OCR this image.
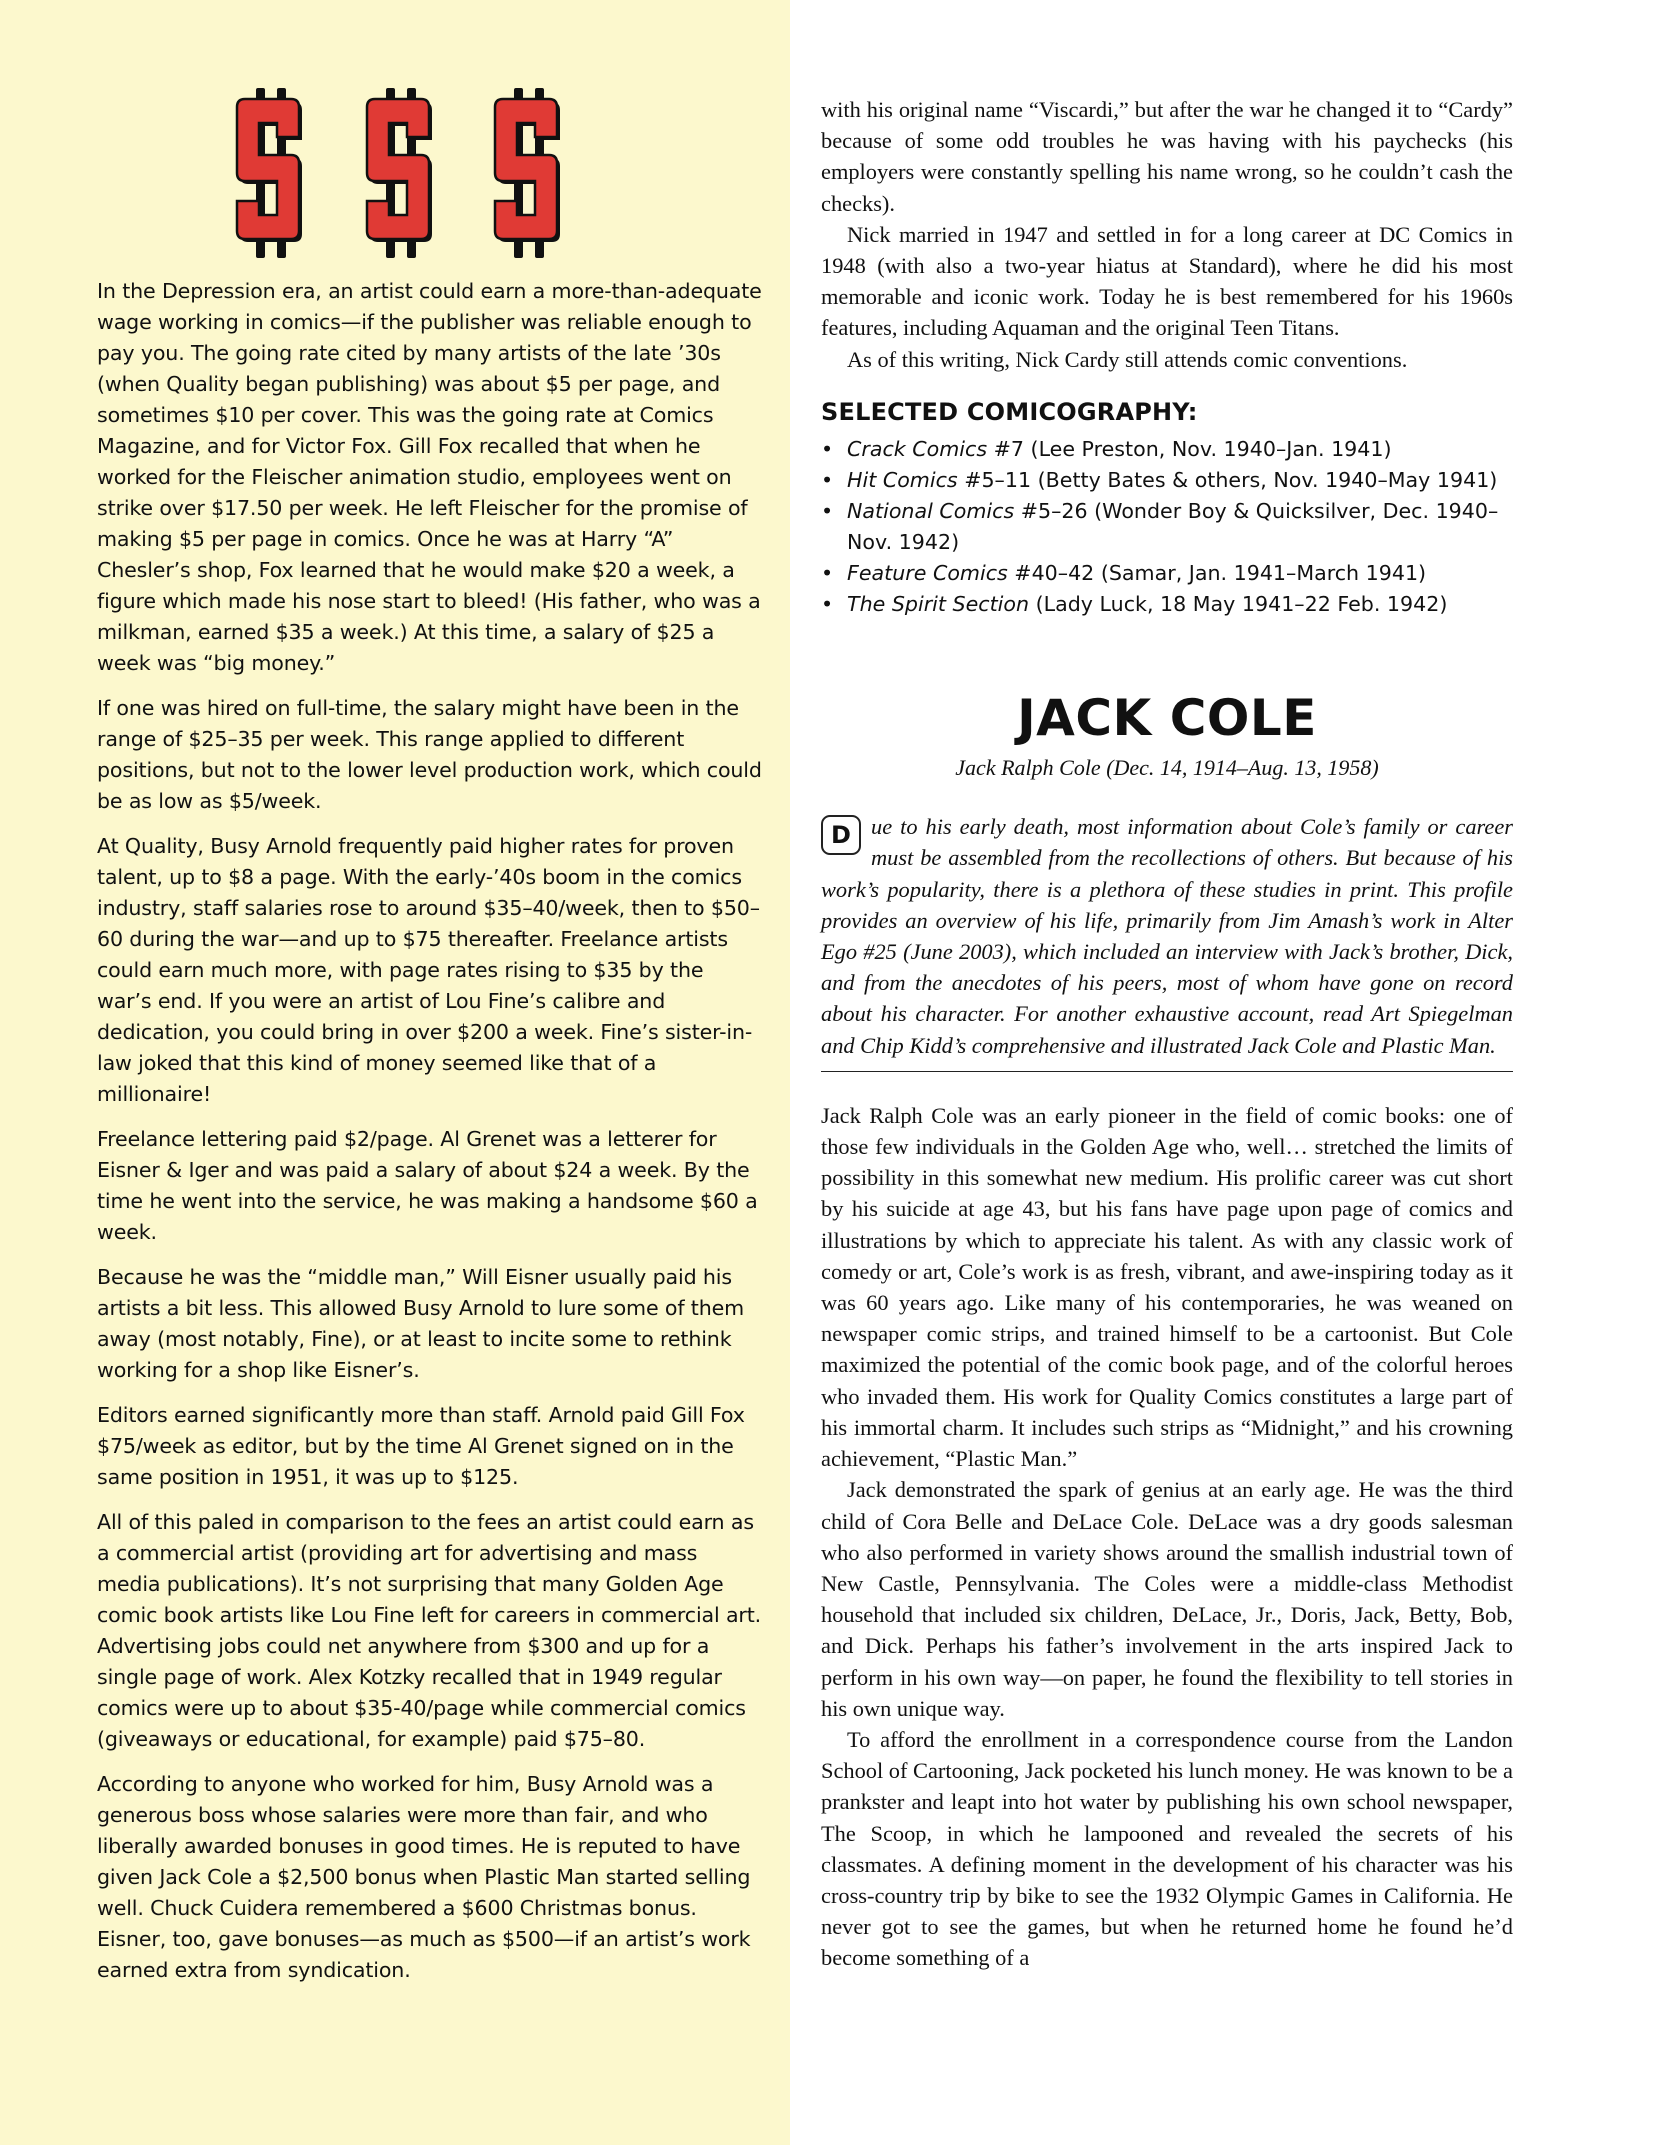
In the Depression era, an artist could earn a more-than-adequate wage working in comics—if the publisher was reliable enough to pay you. The going rate cited by many artists of the late ’30s (when Quality began publishing) was about $5 per page, and sometimes $10 per cover. This was the going rate at Comics Magazine, and for Victor Fox. Gill Fox recalled that when he worked for the Fleischer animation studio, employees went on strike over $17.50 per week. He left Fleischer for the promise of making $5 per page in comics. Once he was at Harry “A” Chesler’s shop, Fox learned that he would make $20 a week, a figure which made his nose start to bleed! (His father, who was a milkman, earned $35 a week.) At this time, a salary of $25 a week was “big money.”

If one was hired on full-time, the salary might have been in the range of $25–35 per week. This range applied to different positions, but not to the lower level production work, which could be as low as $5/week.

At Quality, Busy Arnold frequently paid higher rates for proven talent, up to $8 a page. With the early-’40s boom in the comics industry, staff salaries rose to around $35–40/week, then to $50–60 during the war—and up to $75 thereafter. Freelance artists could earn much more, with page rates rising to $35 by the war’s end. If you were an artist of Lou Fine’s calibre and dedication, you could bring in over $200 a week. Fine’s sister-in-law joked that this kind of money seemed like that of a millionaire!

Freelance lettering paid $2/page. Al Grenet was a letterer for Eisner & Iger and was paid a salary of about $24 a week. By the time he went into the service, he was making a handsome $60 a week.

Because he was the “middle man,” Will Eisner usually paid his artists a bit less. This allowed Busy Arnold to lure some of them away (most notably, Fine), or at least to incite some to rethink working for a shop like Eisner’s.

Editors earned significantly more than staff. Arnold paid Gill Fox $75/week as editor, but by the time Al Grenet signed on in the same position in 1951, it was up to $125.

All of this paled in comparison to the fees an artist could earn as a commercial artist (providing art for advertising and mass media publications). It’s not surprising that many Golden Age comic book artists like Lou Fine left for careers in commercial art. Advertising jobs could net anywhere from $300 and up for a single page of work. Alex Kotzky recalled that in 1949 regular comics were up to about $35-40/page while commercial comics (giveaways or educational, for example) paid $75–80.

According to anyone who worked for him, Busy Arnold was a generous boss whose salaries were more than fair, and who liberally awarded bonuses in good times. He is reputed to have given Jack Cole a $2,500 bonus when Plastic Man started selling well. Chuck Cuidera remembered a $600 Christmas bonus. Eisner, too, gave bonuses—as much as $500—if an artist’s work earned extra from syndication.

with his original name “Viscardi,” but after the war he changed it to “Cardy” because of some odd troubles he was having with his paychecks (his employers were constantly spelling his name wrong, so he couldn’t cash the checks).

Nick married in 1947 and settled in for a long career at DC Comics in 1948 (with also a two-year hiatus at Standard), where he did his most memorable and iconic work. Today he is best remembered for his 1960s features, including Aquaman and the original Teen Titans.

As of this writing, Nick Cardy still attends comic conventions.

SELECTED COMICOGRAPHY:
• Crack Comics #7 (Lee Preston, Nov. 1940–Jan. 1941)
• Hit Comics #5–11 (Betty Bates & others, Nov. 1940–May 1941)
• National Comics #5–26 (Wonder Boy & Quicksilver, Dec. 1940–Nov. 1942)
• Feature Comics #40–42 (Samar, Jan. 1941–March 1941)
• The Spirit Section (Lady Luck, 18 May 1941–22 Feb. 1942)
JACK COLE
Jack Ralph Cole (Dec. 14, 1914–Aug. 13, 1958)
D ue to his early death, most information about Cole’s family or career must be assembled from the recollections of others. But because of his work’s popularity, there is a plethora of these studies in print. This profile provides an overview of his life, primarily from Jim Amash’s work in Alter Ego #25 (June 2003), which included an interview with Jack’s brother, Dick, and from the anecdotes of his peers, most of whom have gone on record about his character. For another exhaustive account, read Art Spiegelman and Chip Kidd’s comprehensive and illustrated Jack Cole and Plastic Man.

Jack Ralph Cole was an early pioneer in the field of comic books: one of those few individuals in the Golden Age who, well… stretched the limits of possibility in this somewhat new medium. His prolific career was cut short by his suicide at age 43, but his fans have page upon page of comics and illustrations by which to appreciate his talent. As with any classic work of comedy or art, Cole’s work is as fresh, vibrant, and awe-inspiring today as it was 60 years ago. Like many of his contemporaries, he was weaned on newspaper comic strips, and trained himself to be a cartoonist. But Cole maximized the potential of the comic book page, and of the colorful heroes who invaded them. His work for Quality Comics constitutes a large part of his immortal charm. It includes such strips as “Midnight,” and his crowning achievement, “Plastic Man.”

Jack demonstrated the spark of genius at an early age. He was the third child of Cora Belle and DeLace Cole. DeLace was a dry goods salesman who also performed in variety shows around the smallish industrial town of New Castle, Pennsylvania. The Coles were a middle-class Methodist household that included six children, DeLace, Jr., Doris, Jack, Betty, Bob, and Dick. Perhaps his father’s involvement in the arts inspired Jack to perform in his own way—on paper, he found the flexibility to tell stories in his own unique way.

To afford the enrollment in a correspondence course from the Landon School of Cartooning, Jack pocketed his lunch money. He was known to be a prankster and leapt into hot water by publishing his own school newspaper, The Scoop, in which he lampooned and revealed the secrets of his classmates. A defining moment in the development of his character was his cross-country trip by bike to see the 1932 Olympic Games in California. He never got to see the games, but when he returned home he found he’d become something of a
